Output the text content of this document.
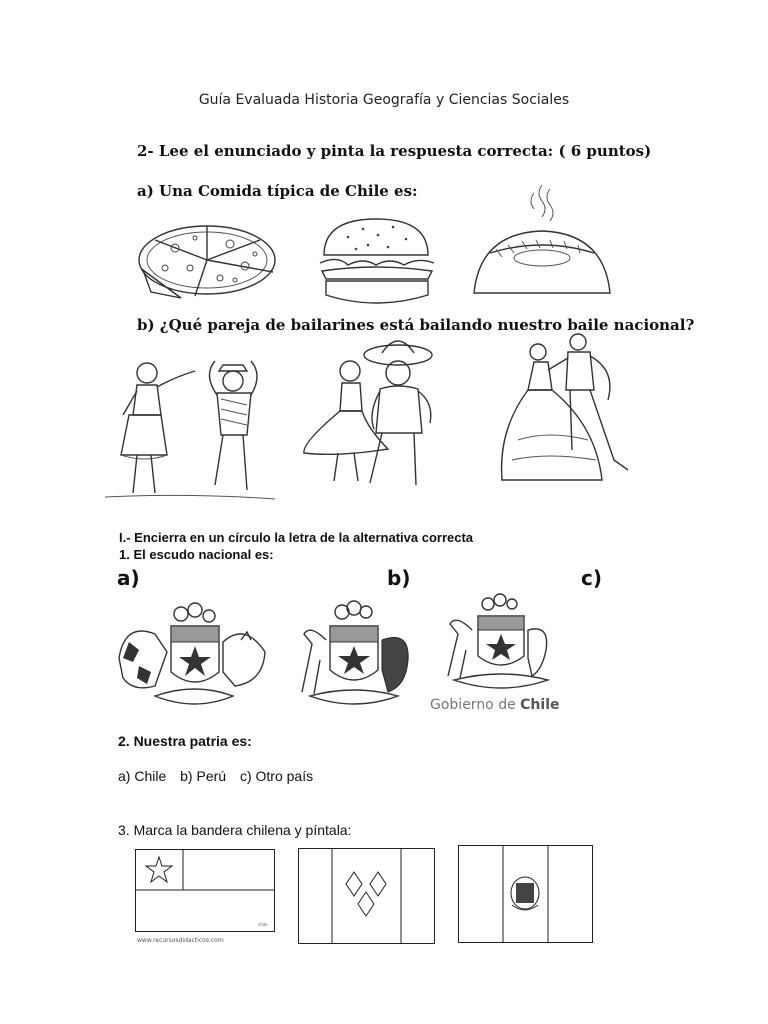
Guía Evaluada Historia Geografía y Ciencias Sociales
2- Lee el enunciado y pinta la respuesta correcta: ( 6 puntos)
a) Una Comida típica de Chile es:
b) ¿Qué pareja de bailarines está bailando nuestro baile nacional?
I.- Encierra en un círculo la letra de la alternativa correcta
1. El escudo nacional es:
a)	b)	c)
Gobierno de Chile
2. Nuestra patria es:
a) Chile b) Perú c) Otro país
3. Marca la bandera chilena y píntala:
chile
www.recursosdidacticos.com
